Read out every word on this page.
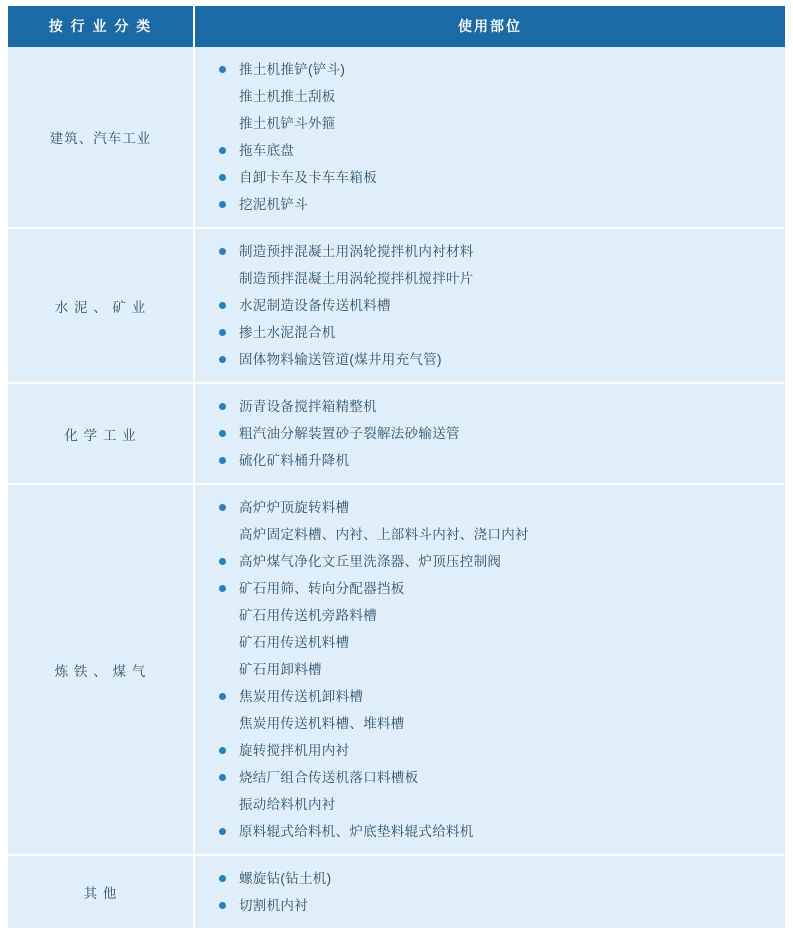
按 行 业 分 类	使用部位
建筑、汽车工业	
推土机推铲(铲斗)
推土机推土刮板
推土机铲斗外箍
拖车底盘
自卸卡车及卡车车箱板
挖泥机铲斗

水 泥 、 矿 业	
制造预拌混凝土用涡轮搅拌机内衬材料
制造预拌混凝土用涡轮搅拌机搅拌叶片
水泥制造设备传送机料槽
掺土水泥混合机
固体物料输送管道(煤井用充气管)

化 学 工 业	
沥青设备搅拌箱精整机
粗汽油分解装置砂子裂解法砂输送管
硫化矿料桶升降机

炼 铁 、 煤 气	
高炉炉顶旋转料槽
高炉固定料槽、内衬、上部料斗内衬、浇口内衬
高炉煤气净化文丘里洗涤器、炉顶压控制阀
矿石用筛、转向分配器挡板
矿石用传送机旁路料槽
矿石用传送机料槽
矿石用卸料槽
焦炭用传送机卸料槽
焦炭用传送机料槽、堆料槽
旋转搅拌机用内衬
烧结厂组合传送机落口料槽板
振动给料机内衬
原料辊式给料机、炉底垫料辊式给料机

其 他	
螺旋钻(钻土机)
切割机内衬
